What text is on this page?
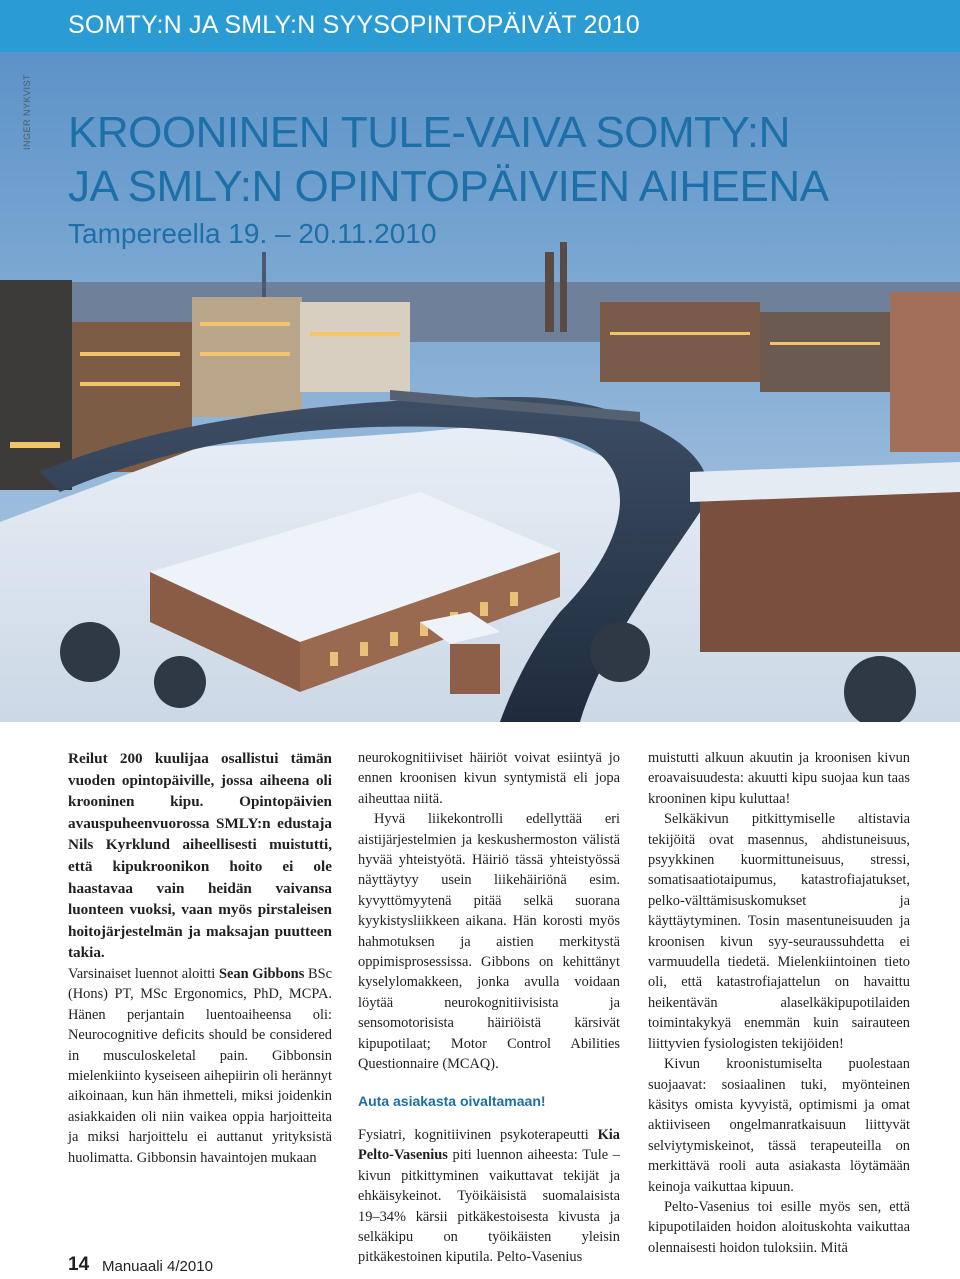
SOMTY:N JA SMLY:N SYYSOPINTOPÄIVÄT 2010
INGER NYKVIST KROONINEN TULE-VAIVA SOMTY:N
JA SMLY:N OPINTOPÄIVIEN AIHEENA
Tampereella 19. – 20.11.2010

Reilut 200 kuulijaa osallistui tämän vuoden opintopäiville, jossa aiheena oli krooninen kipu. Opintopäivien avauspuheenvuorossa SMLY:n edustaja Nils Kyrklund aiheellisesti muistutti, että kipukroonikon hoito ei ole haastavaa vain heidän vaivansa luonteen vuoksi, vaan myös pirstaleisen hoitojärjestelmän ja maksajan puutteen takia.

Varsinaiset luennot aloitti Sean Gibbons BSc (Hons) PT, MSc Ergonomics, PhD, MCPA. Hänen perjantain luentoaiheensa oli: Neurocognitive deficits should be considered in musculoskeletal pain. Gibbonsin mielenkiinto kyseiseen aihepiirin oli herännyt aikoinaan, kun hän ihmetteli, miksi joidenkin asiakkaiden oli niin vaikea oppia harjoitteita ja miksi harjoittelu ei auttanut yrityksistä huolimatta. Gibbonsin havaintojen mukaan

neurokognitiiviset häiriöt voivat esiintyä jo ennen kroonisen kivun syntymistä eli jopa aiheuttaa niitä.

Hyvä liikekontrolli edellyttää eri aistijärjestelmien ja keskushermoston välistä hyvää yhteistyötä. Häiriö tässä yhteistyössä näyttäytyy usein liikehäiriönä esim. kyvyttömyytenä pitää selkä suorana kyykistysliikkeen aikana. Hän korosti myös hahmotuksen ja aistien merkitystä oppimisprosessissa. Gibbons on kehittänyt kyselylomakkeen, jonka avulla voidaan löytää neurokognitiivisista ja sensomotorisista häiriöistä kärsivät kipupotilaat; Motor Control Abilities Questionnaire (MCAQ).

Auta asiakasta oivaltamaan!

Fysiatri, kognitiivinen psykoterapeutti Kia Pelto-Vasenius piti luennon aiheesta: Tule – kivun pitkittyminen vaikuttavat tekijät ja ehkäisykeinot. Työikäisistä suomalaisista 19–34% kärsii pitkäkestoisesta kivusta ja selkäkipu on työikäisten yleisin pitkäkestoinen kiputila. Pelto-Vasenius

muistutti alkuun akuutin ja kroonisen kivun eroavaisuudesta: akuutti kipu suojaa kun taas krooninen kipu kuluttaa!

Selkäkivun pitkittymiselle altistavia tekijöitä ovat masennus, ahdistuneisuus, psyykkinen kuormittuneisuus, stressi, somatisaatiotaipumus, katastrofiajatukset, pelko-välttämisuskomukset ja käyttäytyminen. Tosin masentuneisuuden ja kroonisen kivun syy-seuraussuhdetta ei varmuudella tiedetä. Mielenkiintoinen tieto oli, että katastrofiajattelun on havaittu heikentävän alaselkäkipupotilaiden toimintakykyä enemmän kuin sairauteen liittyvien fysiologisten tekijöiden!

Kivun kroonistumiselta puolestaan suojaavat: sosiaalinen tuki, myönteinen käsitys omista kyvyistä, optimismi ja omat aktiiviseen ongelmanratkaisuun liittyvät selviytymiskeinot, tässä terapeuteilla on merkittävä rooli auta asiakasta löytämään keinoja vaikuttaa kipuun.

Pelto-Vasenius toi esille myös sen, että kipupotilaiden hoidon aloituskohta vaikuttaa olennaisesti hoidon tuloksiin. Mitä

14 Manuaali 4/2010
